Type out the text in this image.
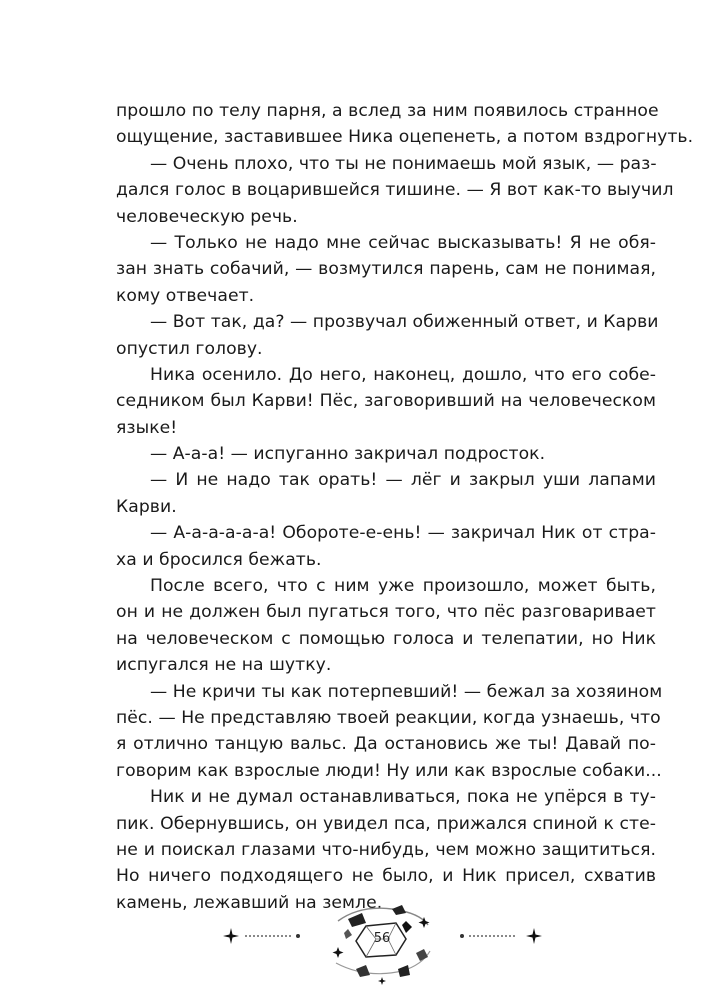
прошло по телу парня, а вслед за ним появилось странное
ощущение, заставившее Ника оцепенеть, а потом вздрогнуть.
— Очень плохо, что ты не понимаешь мой язык, — раз-
дался голос в воцарившейся тишине. — Я вот как-то выучил
человеческую речь.
— Только не надо мне сейчас высказывать! Я не обя-
зан знать собачий, — возмутился парень, сам не понимая,
кому отвечает.
— Вот так, да? — прозвучал обиженный ответ, и Карви
опустил голову.
Ника осенило. До него, наконец, дошло, что его собе-
седником был Карви! Пёс, заговоривший на человеческом
языке!
— А-а-а! — испуганно закричал подросток.
— И не надо так орать! — лёг и закрыл уши лапами
Карви.
— А-а-а-а-а-а! Оборотe-е-ень! — закричал Ник от стра-
ха и бросился бежать.
После всего, что с ним уже произошло, может быть,
он и не должен был пугаться того, что пёс разговаривает
на человеческом с помощью голоса и телепатии, но Ник
испугался не на шутку.
— Не кричи ты как потерпевший! — бежал за хозяином
пёс. — Не представляю твоей реакции, когда узнаешь, что
я отлично танцую вальс. Да остановись же ты! Давай по-
говорим как взрослые люди! Ну или как взрослые собаки...
Ник и не думал останавливаться, пока не упёрся в ту-
пик. Обернувшись, он увидел пса, прижался спиной к сте-
не и поискал глазами что-нибудь, чем можно защититься.
Но ничего подходящего не было, и Ник присел, схватив
камень, лежавший на земле.
56
